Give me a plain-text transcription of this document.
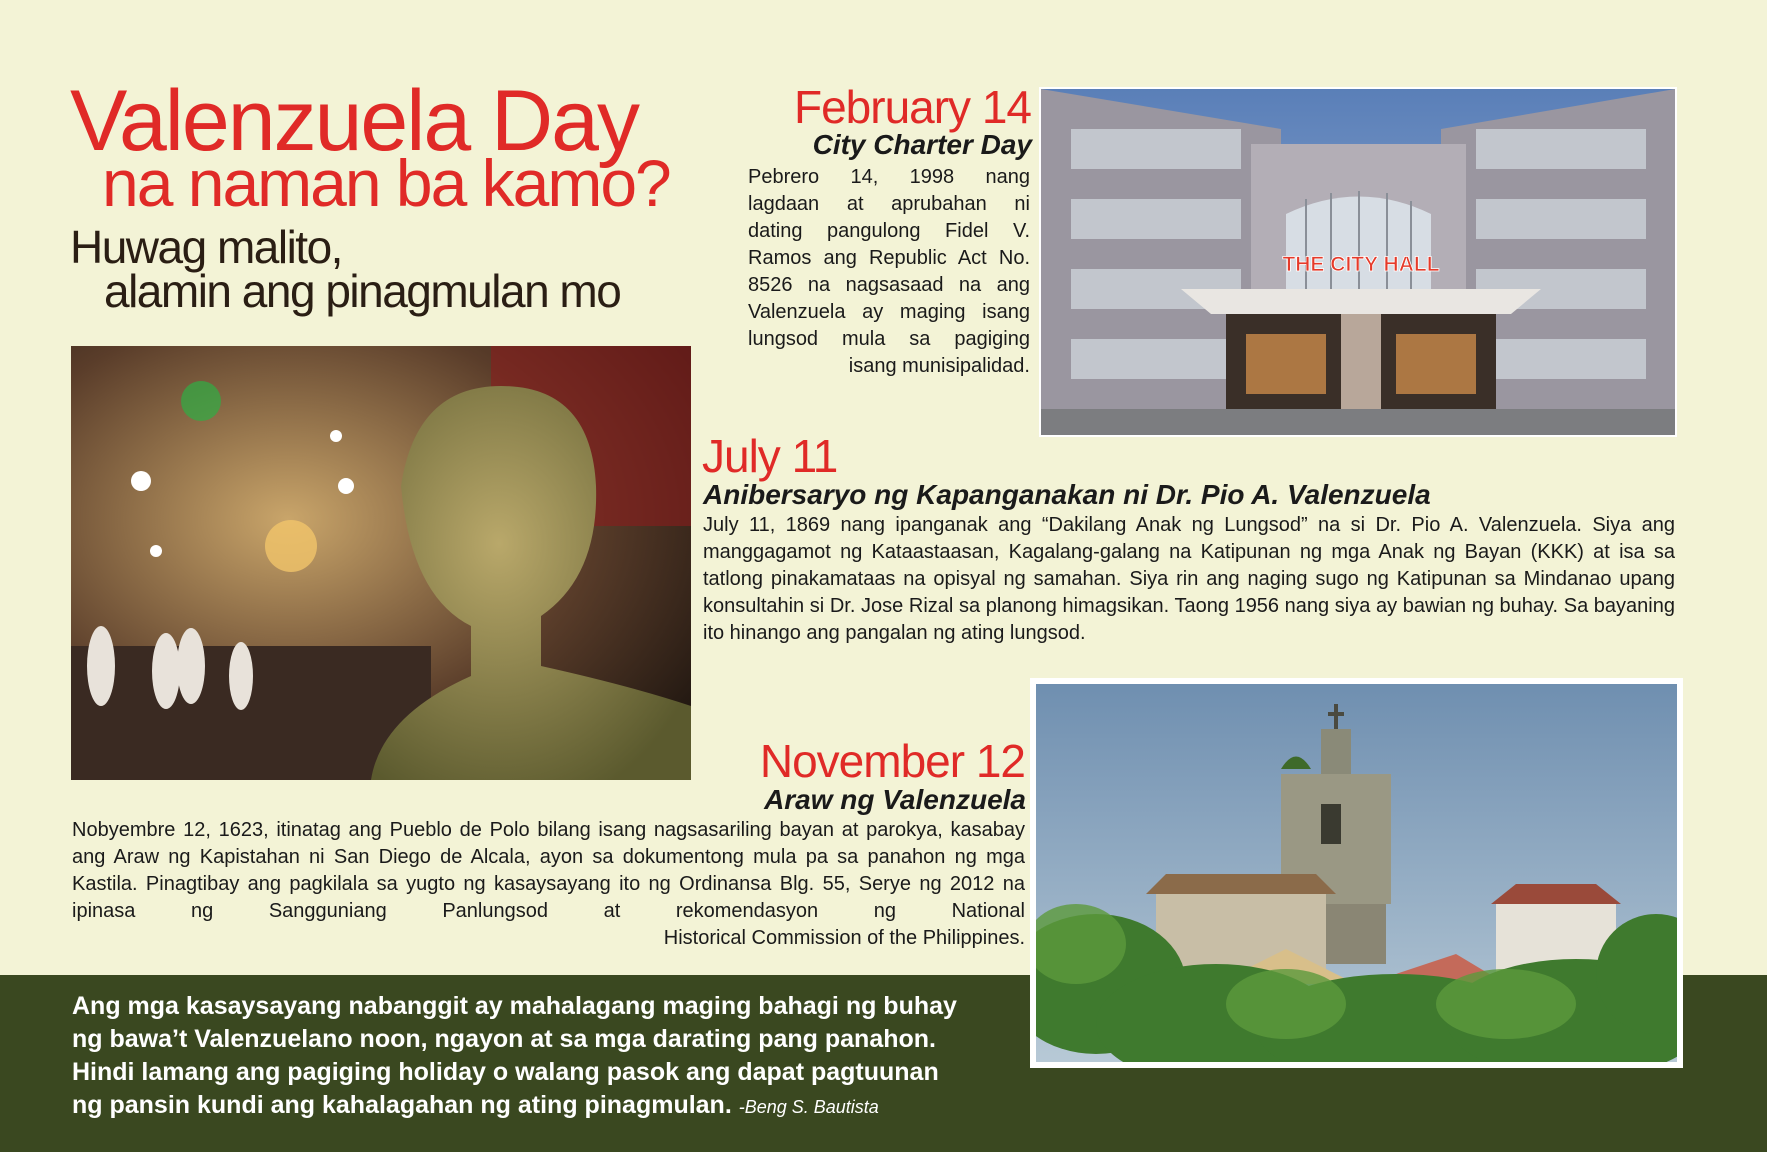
Valenzuela Day
na naman ba kamo?
Huwag malito,
alamin ang pinagmulan mo
February 14
City Charter Day
Pebrero 14, 1998 nang
lagdaan at aprubahan ni
dating pangulong Fidel V.
Ramos ang Republic Act No.
8526 na nagsasaad na ang
Valenzuela ay maging isang
lungsod mula sa pagiging
isang munisipalidad.
THE CITY HALL
July 11
Anibersaryo ng Kapanganakan ni Dr. Pio A. Valenzuela
July 11, 1869 nang ipanganak ang “Dakilang Anak ng Lungsod” na si Dr. Pio A. Valenzuela. Siya ang manggagamot ng Kataastaasan, Kagalang-galang na Katipunan ng mga Anak ng Bayan (KKK) at isa sa tatlong pinakamataas na opisyal ng samahan. Siya rin ang naging sugo ng Katipunan sa Mindanao upang konsultahin si Dr. Jose Rizal sa planong himagsikan. Taong 1956 nang siya ay bawian ng buhay. Sa bayaning ito hinango ang pangalan ng ating lungsod.
November 12
Araw ng Valenzuela
Nobyembre 12, 1623, itinatag ang Pueblo de Polo bilang isang nagsasariling bayan at parokya, kasabay ang Araw ng Kapistahan ni San Diego de Alcala, ayon sa dokumentong mula pa sa panahon ng mga Kastila. Pinagtibay ang pagkilala sa yugto ng kasaysayang ito ng Ordinansa Blg. 55, Serye ng 2012 na ipinasa ng Sangguniang Panlungsod at rekomendasyon ng National
Historical Commission of the Philippines.
Ang mga kasaysayang nabanggit ay mahalagang maging bahagi ng buhay ng bawa’t Valenzuelano noon, ngayon at sa mga darating pang panahon. Hindi lamang ang pagiging holiday o walang pasok ang dapat pagtuunan ng pansin kundi ang kahalagahan ng ating pinagmulan. -Beng S. Bautista
